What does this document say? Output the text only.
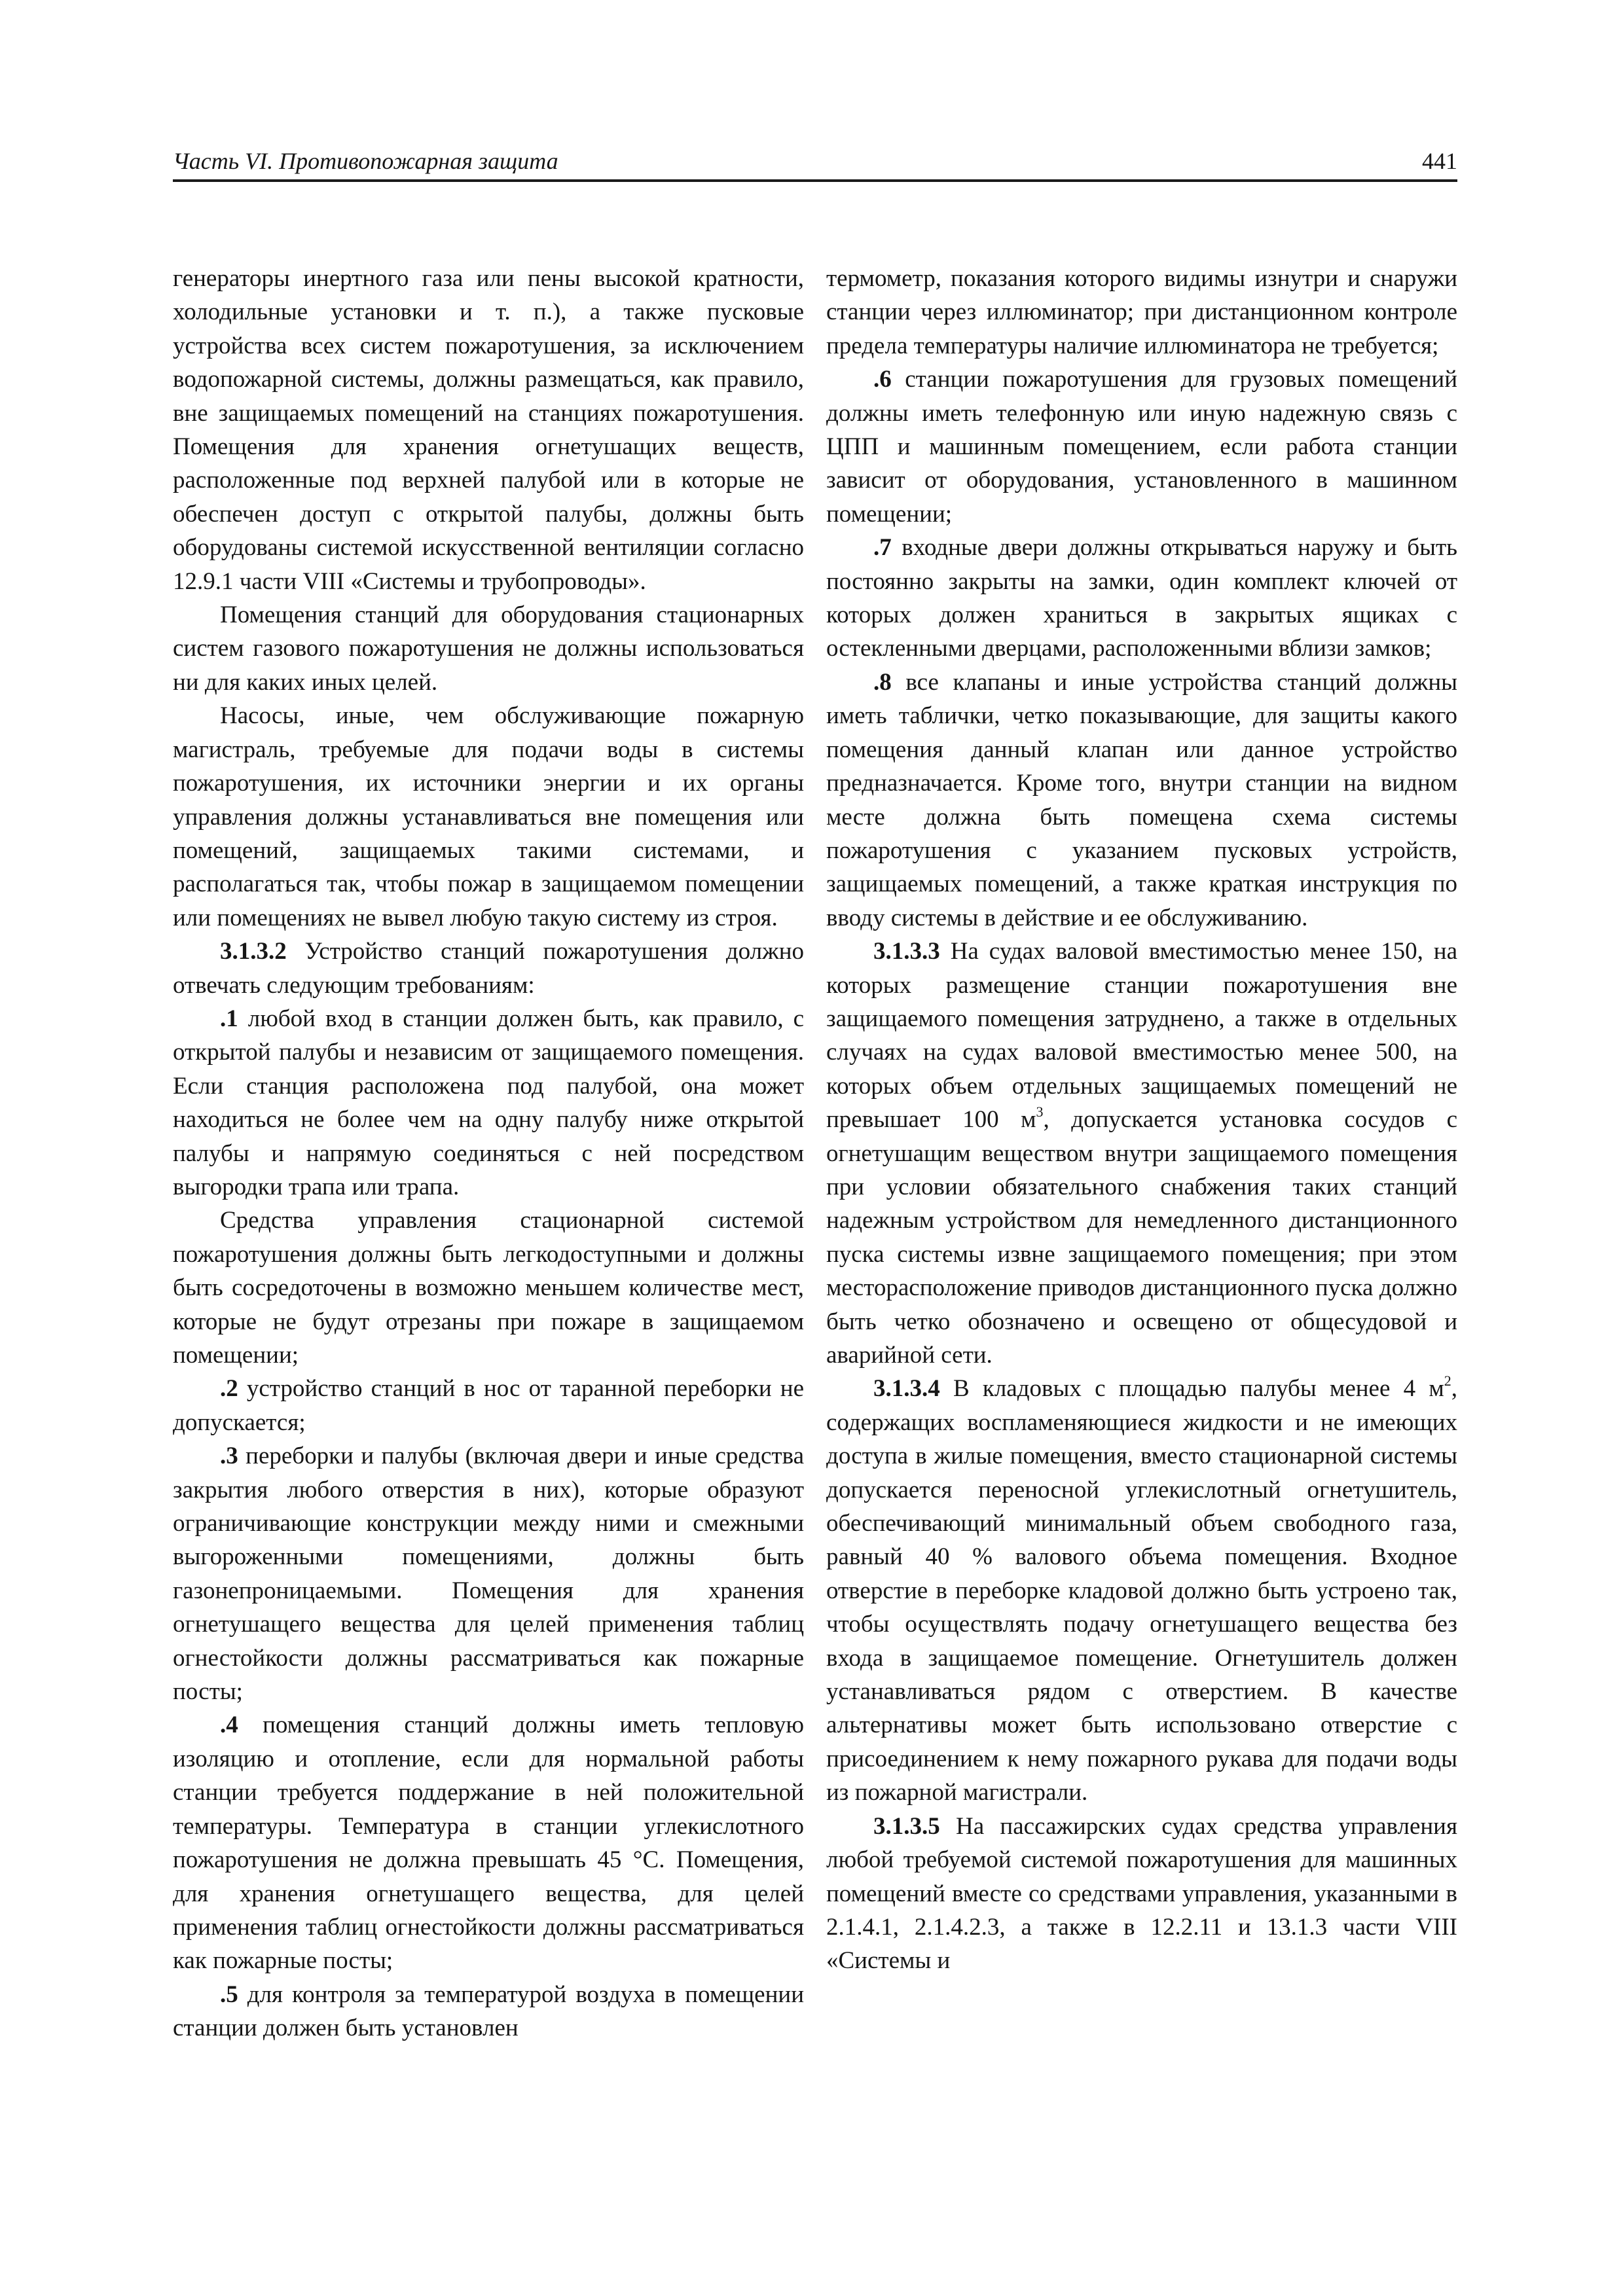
Часть VI. Противопожарная защита	441

генераторы инертного газа или пены высокой кратности, холодильные установки и т. п.), а также пусковые устройства всех систем пожаротушения, за исключением водопожарной системы, должны размещаться, как правило, вне защищаемых помещений на станциях пожаротушения. Помещения для хранения огнетушащих веществ, расположенные под верхней палубой или в которые не обеспечен доступ с открытой палубы, должны быть оборудованы системой искусственной вентиляции согласно 12.9.1 части VIII «Системы и трубопроводы».

Помещения станций для оборудования стационарных систем газового пожаротушения не должны использоваться ни для каких иных целей.

Насосы, иные, чем обслуживающие пожарную магистраль, требуемые для подачи воды в системы пожаротушения, их источники энергии и их органы управления должны устанавливаться вне помещения или помещений, защищаемых такими системами, и располагаться так, чтобы пожар в защищаемом помещении или помещениях не вывел любую такую систему из строя.

3.1.3.2 Устройство станций пожаротушения должно отвечать следующим требованиям:

.1 любой вход в станции должен быть, как правило, с открытой палубы и независим от защищаемого помещения. Если станция расположена под палубой, она может находиться не более чем на одну палубу ниже открытой палубы и напрямую соединяться с ней посредством выгородки трапа или трапа.

Средства управления стационарной системой пожаротушения должны быть легкодоступными и должны быть сосредоточены в возможно меньшем количестве мест, которые не будут отрезаны при пожаре в защищаемом помещении;

.2 устройство станций в нос от таранной переборки не допускается;

.3 переборки и палубы (включая двери и иные средства закрытия любого отверстия в них), которые образуют ограничивающие конструкции между ними и смежными выгороженными помещениями, должны быть газонепроницаемыми. Помещения для хранения огнетушащего вещества для целей применения таблиц огнестойкости должны рассматриваться как пожарные посты;

.4 помещения станций должны иметь тепловую изоляцию и отопление, если для нормальной работы станции требуется поддержание в ней положительной температуры. Температура в станции углекислотного пожаротушения не должна превышать 45 °C. Помещения, для хранения огнетушащего вещества, для целей применения таблиц огнестойкости должны рассматриваться как пожарные посты;

.5 для контроля за температурой воздуха в помещении станции должен быть установлен

термометр, показания которого видимы изнутри и снаружи станции через иллюминатор; при дистанционном контроле предела температуры наличие иллюминатора не требуется;

.6 станции пожаротушения для грузовых помещений должны иметь телефонную или иную надежную связь с ЦПП и машинным помещением, если работа станции зависит от оборудования, установленного в машинном помещении;

.7 входные двери должны открываться наружу и быть постоянно закрыты на замки, один комплект ключей от которых должен храниться в закрытых ящиках с остекленными дверцами, расположенными вблизи замков;

.8 все клапаны и иные устройства станций должны иметь таблички, четко показывающие, для защиты какого помещения данный клапан или данное устройство предназначается. Кроме того, внутри станции на видном месте должна быть помещена схема системы пожаротушения с указанием пусковых устройств, защищаемых помещений, а также краткая инструкция по вводу системы в действие и ее обслуживанию.

3.1.3.3 На судах валовой вместимостью менее 150, на которых размещение станции пожаротушения вне защищаемого помещения затруднено, а также в отдельных случаях на судах валовой вместимостью менее 500, на которых объем отдельных защищаемых помещений не превышает 100 $м^3$, допускается установка сосудов с огнетушащим веществом внутри защищаемого помещения при условии обязательного снабжения таких станций надежным устройством для немедленного дистанционного пуска системы извне защищаемого помещения; при этом месторасположение приводов дистанционного пуска должно быть четко обозначено и освещено от общесудовой и аварийной сети.

3.1.3.4 В кладовых с площадью палубы менее 4 $м^2$, содержащих воспламеняющиеся жидкости и не имеющих доступа в жилые помещения, вместо стационарной системы допускается переносной углекислотный огнетушитель, обеспечивающий минимальный объем свободного газа, равный 40 % валового объема помещения. Входное отверстие в переборке кладовой должно быть устроено так, чтобы осуществлять подачу огнетушащего вещества без входа в защищаемое помещение. Огнетушитель должен устанавливаться рядом с отверстием. В качестве альтернативы может быть использовано отверстие с присоединением к нему пожарного рукава для подачи воды из пожарной магистрали.

3.1.3.5 На пассажирских судах средства управления любой требуемой системой пожаротушения для машинных помещений вместе со средствами управления, указанными в 2.1.4.1, 2.1.4.2.3, а также в 12.2.11 и 13.1.3 части VIII «Системы и
